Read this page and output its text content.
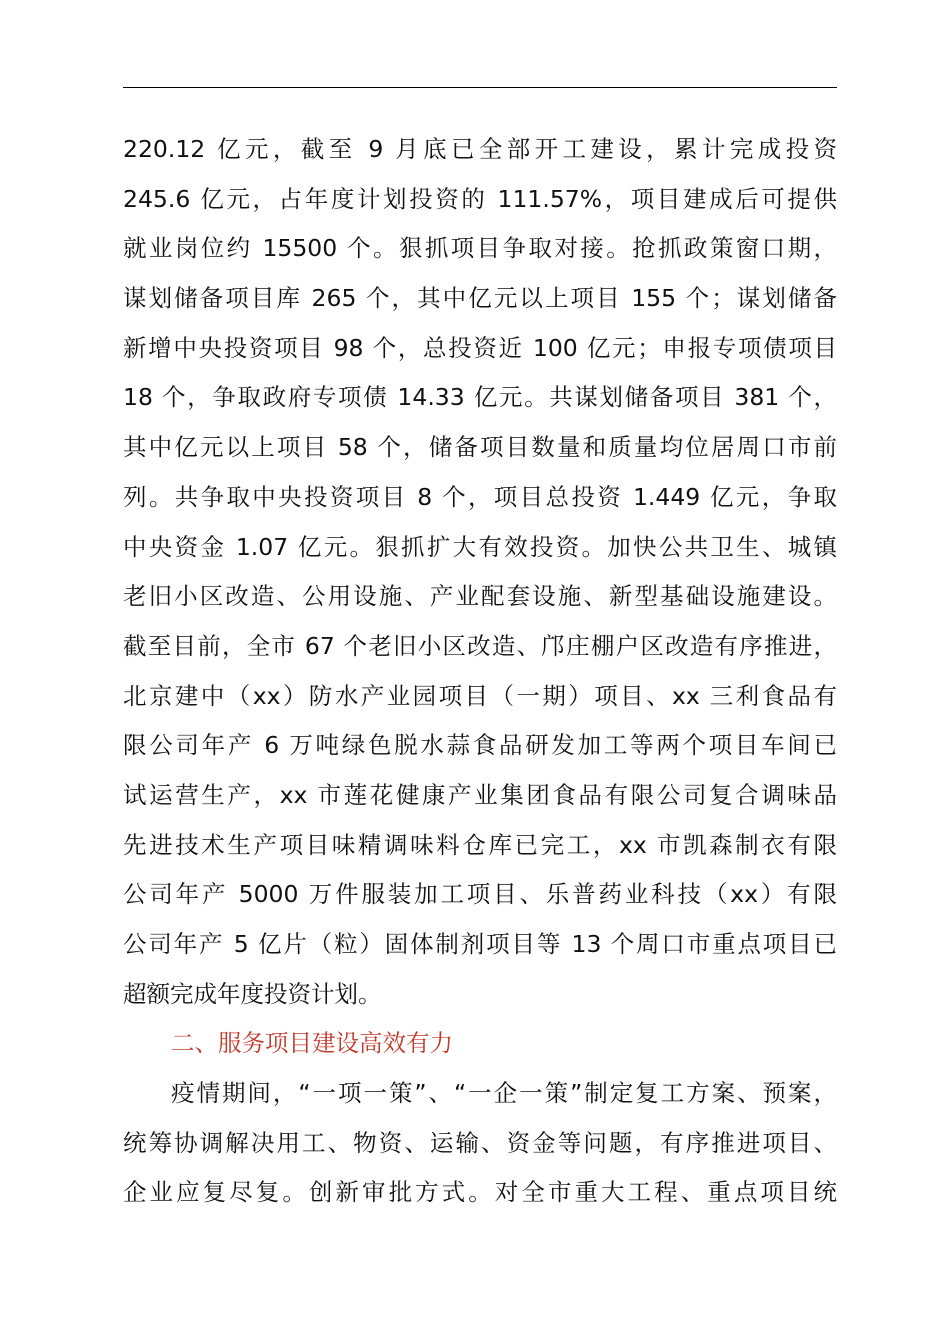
220.12 亿元，截至 9 月底已全部开工建设，累计完成投资
245.6 亿元，占年度计划投资的 111.57%，项目建成后可提供
就业岗位约 15500 个。狠抓项目争取对接。抢抓政策窗口期，
谋划储备项目库 265 个，其中亿元以上项目 155 个；谋划储备
新增中央投资项目 98 个，总投资近 100 亿元；申报专项债项目
18 个，争取政府专项债 14.33 亿元。共谋划储备项目 381 个，
其中亿元以上项目 58 个，储备项目数量和质量均位居周口市前
列。共争取中央投资项目 8 个，项目总投资 1.449 亿元，争取
中央资金 1.07 亿元。狠抓扩大有效投资。加快公共卫生、城镇
老旧小区改造、公用设施、产业配套设施、新型基础设施建设。
截至目前，全市 67 个老旧小区改造、邝庄棚户区改造有序推进，
北京建中（xx）防水产业园项目（一期）项目、xx 三利食品有
限公司年产 6 万吨绿色脱水蒜食品研发加工等两个项目车间已
试运营生产，xx 市莲花健康产业集团食品有限公司复合调味品
先进技术生产项目味精调味料仓库已完工，xx 市凯森制衣有限
公司年产 5000 万件服装加工项目、乐普药业科技（xx）有限
公司年产 5 亿片（粒）固体制剂项目等 13 个周口市重点项目已
超额完成年度投资计划。
二、服务项目建设高效有力
疫情期间，“一项一策”、“一企一策”制定复工方案、预案，
统筹协调解决用工、物资、运输、资金等问题，有序推进项目、
企业应复尽复。创新审批方式。对全市重大工程、重点项目统
